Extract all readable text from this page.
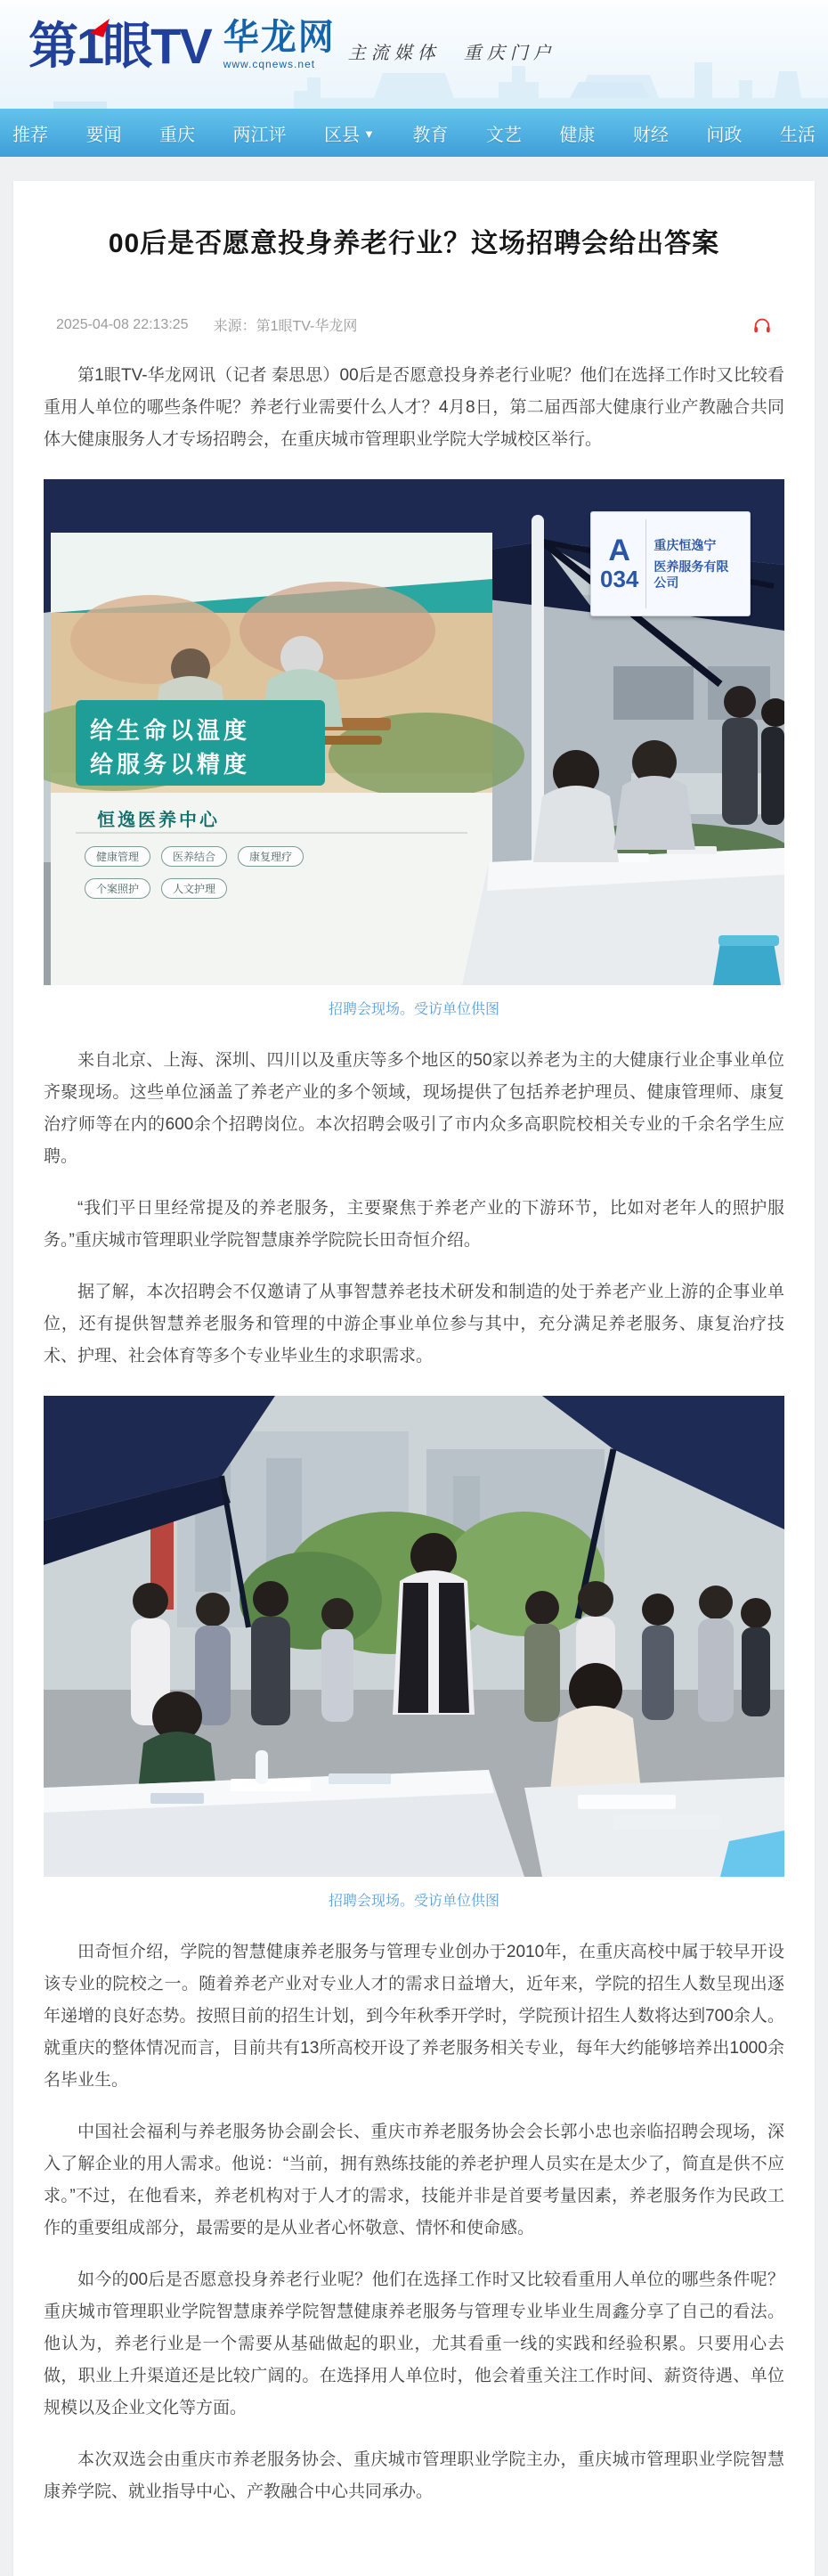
第1眼TV 华龙网
www.cqnews.net
主流媒体　重庆门户
推荐 要闻 重庆 两江评 区县 ▼ 教育 文艺 健康 财经 问政 生活
00后是否愿意投身养老行业？这场招聘会给出答案
2025-04-08 22:13:25 来源：第1眼TV-华龙网

第1眼TV-华龙网讯（记者 秦思思）00后是否愿意投身养老行业呢？他们在选择工作时又比较看重用人单位的哪些条件呢？养老行业需要什么人才？4月8日，第二届西部大健康行业产教融合共同体大健康服务人才专场招聘会，在重庆城市管理职业学院大学城校区举行。

给生命以温度
给服务以精度
恒逸医养中心
健康管理	医养结合	康复理疗
个案照护	人文护理
A
034
重庆恒逸宁
医养服务有限公司
招聘会现场。受访单位供图

来自北京、上海、深圳、四川以及重庆等多个地区的50家以养老为主的大健康行业企事业单位齐聚现场。这些单位涵盖了养老产业的多个领域，现场提供了包括养老护理员、健康管理师、康复治疗师等在内的600余个招聘岗位。本次招聘会吸引了市内众多高职院校相关专业的千余名学生应聘。

“我们平日里经常提及的养老服务，主要聚焦于养老产业的下游环节，比如对老年人的照护服务。”重庆城市管理职业学院智慧康养学院院长田奇恒介绍。

据了解，本次招聘会不仅邀请了从事智慧养老技术研发和制造的处于养老产业上游的企事业单位，还有提供智慧养老服务和管理的中游企事业单位参与其中，充分满足养老服务、康复治疗技术、护理、社会体育等多个专业毕业生的求职需求。

招聘会现场。受访单位供图

田奇恒介绍，学院的智慧健康养老服务与管理专业创办于2010年，在重庆高校中属于较早开设该专业的院校之一。随着养老产业对专业人才的需求日益增大，近年来，学院的招生人数呈现出逐年递增的良好态势。按照目前的招生计划，到今年秋季开学时，学院预计招生人数将达到700余人。就重庆的整体情况而言，目前共有13所高校开设了养老服务相关专业，每年大约能够培养出1000余名毕业生。

中国社会福利与养老服务协会副会长、重庆市养老服务协会会长郭小忠也亲临招聘会现场，深入了解企业的用人需求。他说：“当前，拥有熟练技能的养老护理人员实在是太少了，简直是供不应求。”不过，在他看来，养老机构对于人才的需求，技能并非是首要考量因素，养老服务作为民政工作的重要组成部分，最需要的是从业者心怀敬意、情怀和使命感。

如今的00后是否愿意投身养老行业呢？他们在选择工作时又比较看重用人单位的哪些条件呢？重庆城市管理职业学院智慧康养学院智慧健康养老服务与管理专业毕业生周鑫分享了自己的看法。他认为，养老行业是一个需要从基础做起的职业，尤其看重一线的实践和经验积累。只要用心去做，职业上升渠道还是比较广阔的。在选择用人单位时，他会着重关注工作时间、薪资待遇、单位规模以及企业文化等方面。

本次双选会由重庆市养老服务协会、重庆城市管理职业学院主办，重庆城市管理职业学院智慧康养学院、就业指导中心、产教融合中心共同承办。
